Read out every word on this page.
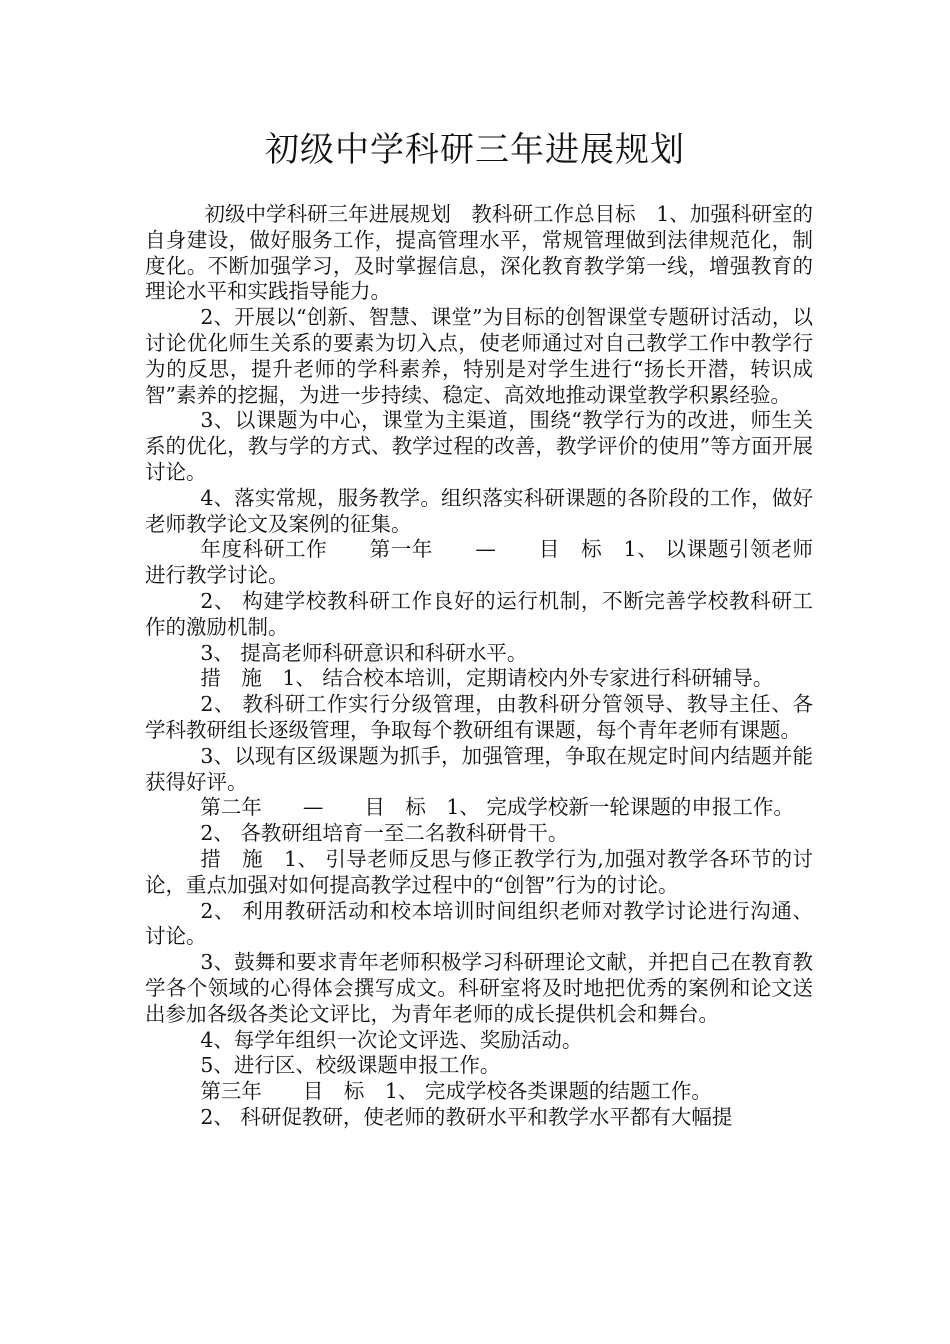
初级中学科研三年进展规划

初级中学科研三年进展规划　教科研工作总目标　1、加强科研室的自身建设，做好服务工作，提高管理水平，常规管理做到法律规范化，制度化。不断加强学习，及时掌握信息，深化教育教学第一线，增强教育的理论水平和实践指导能力。

2、开展以“创新、智慧、课堂”为目标的创智课堂专题研讨活动，以讨论优化师生关系的要素为切入点，使老师通过对自己教学工作中教学行为的反思，提升老师的学科素养，特别是对学生进行“扬长开潜，转识成智”素养的挖掘，为进一步持续、稳定、高效地推动课堂教学积累经验。

3、以课题为中心，课堂为主渠道，围绕“教学行为的改进，师生关系的优化，教与学的方式、教学过程的改善，教学评价的使用”等方面开展讨论。

4、落实常规，服务教学。组织落实科研课题的各阶段的工作，做好老师教学论文及案例的征集。

年度科研工作　　第一年　　—　　目　标　1、 以课题引领老师进行教学讨论。

2、 构建学校教科研工作良好的运行机制，不断完善学校教科研工作的激励机制。

3、 提高老师科研意识和科研水平。

措　施　1、 结合校本培训，定期请校内外专家进行科研辅导。

2、 教科研工作实行分级管理，由教科研分管领导、教导主任、各学科教研组长逐级管理，争取每个教研组有课题，每个青年老师有课题。

3、以现有区级课题为抓手，加强管理，争取在规定时间内结题并能获得好评。

第二年　　—　　目　标　1、 完成学校新一轮课题的申报工作。

2、 各教研组培育一至二名教科研骨干。

措　施　1、 引导老师反思与修正教学行为,加强对教学各环节的讨论，重点加强对如何提高教学过程中的“创智”行为的讨论。

2、 利用教研活动和校本培训时间组织老师对教学讨论进行沟通、讨论。

3、鼓舞和要求青年老师积极学习科研理论文献，并把自己在教育教学各个领域的心得体会撰写成文。科研室将及时地把优秀的案例和论文送出参加各级各类论文评比，为青年老师的成长提供机会和舞台。

4、每学年组织一次论文评选、奖励活动。

5、进行区、校级课题申报工作。

第三年　　目　标　1、 完成学校各类课题的结题工作。

2、 科研促教研，使老师的教研水平和教学水平都有大幅提
